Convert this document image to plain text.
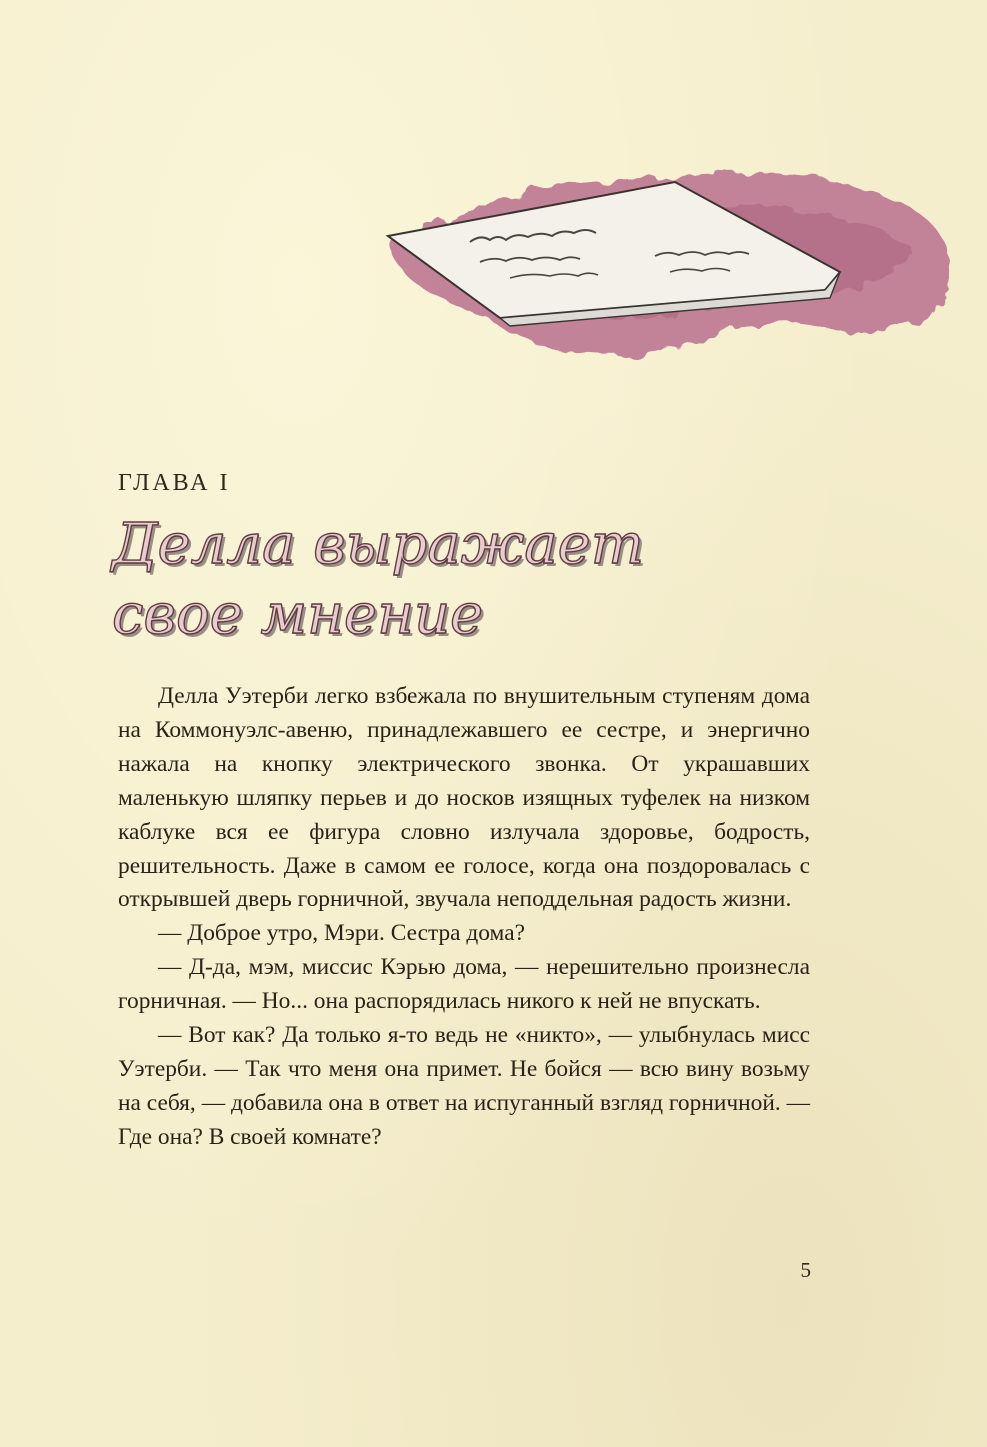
ГЛАВА I
Делла выражает
свое мнение

Делла Уэтерби легко взбежала по внушительным ступеням дома на Коммонуэлс-авеню, принадлежавшего ее сестре, и энергично нажала на кнопку электрического звонка. От украшавших маленькую шляпку перьев и до носков изящных туфелек на низком каблуке вся ее фигура словно излучала здоровье, бодрость, решительность. Даже в самом ее голосе, когда она поздоровалась с открывшей дверь горничной, звучала неподдельная радость жизни.

— Доброе утро, Мэри. Сестра дома?

— Д-да, мэм, миссис Кэрью дома, — нерешительно произнесла горничная. — Но... она распорядилась никого к ней не впускать.

— Вот как? Да только я-то ведь не «никто», — улыбнулась мисс Уэтерби. — Так что меня она примет. Не бойся — всю вину возьму на себя, — добавила она в ответ на испуганный взгляд горничной. — Где она? В своей комнате?

5
